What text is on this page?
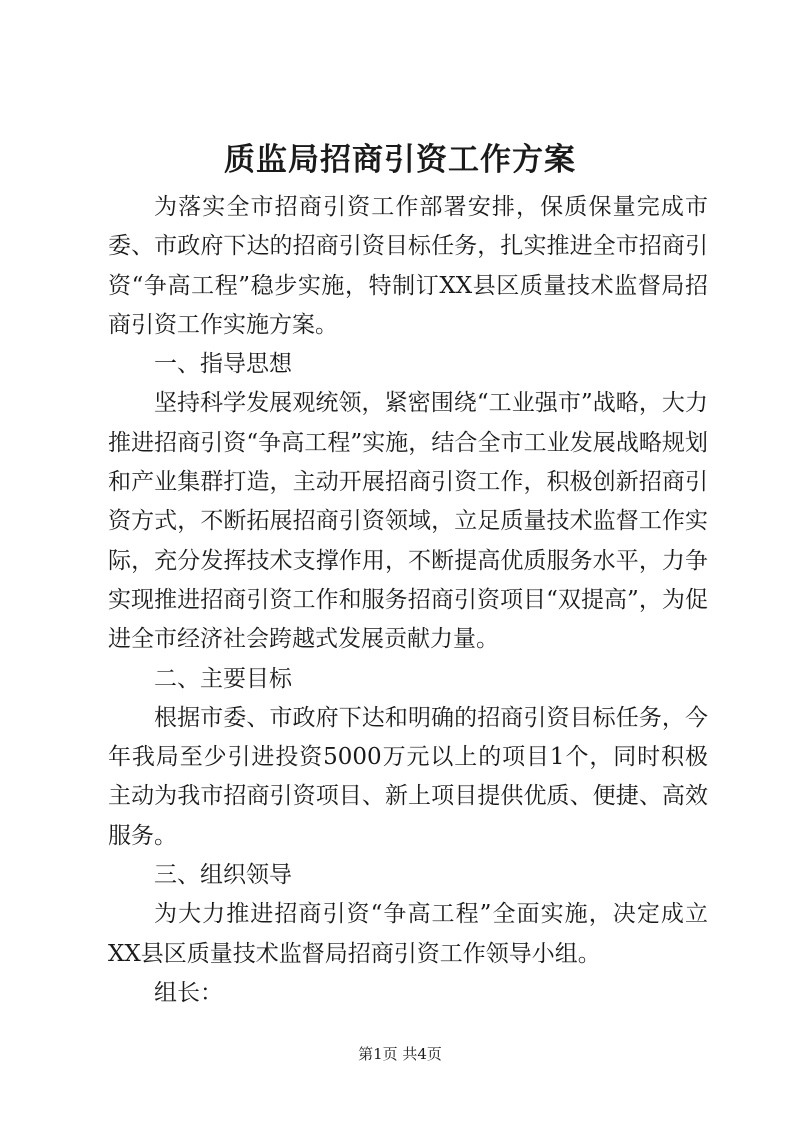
质监局招商引资工作方案

为落实全市招商引资工作部署安排，保质保量完成市委、市政府下达的招商引资目标任务，扎实推进全市招商引资“争高工程”稳步实施，特制订XX县区质量技术监督局招商引资工作实施方案。

一、指导思想

坚持科学发展观统领，紧密围绕“工业强市”战略，大力推进招商引资“争高工程”实施，结合全市工业发展战略规划和产业集群打造，主动开展招商引资工作，积极创新招商引资方式，不断拓展招商引资领域，立足质量技术监督工作实际，充分发挥技术支撑作用，不断提高优质服务水平，力争实现推进招商引资工作和服务招商引资项目“双提高”，为促进全市经济社会跨越式发展贡献力量。

二、主要目标

根据市委、市政府下达和明确的招商引资目标任务，今年我局至少引进投资5000万元以上的项目1个，同时积极主动为我市招商引资项目、新上项目提供优质、便捷、高效服务。

三、组织领导

为大力推进招商引资“争高工程”全面实施，决定成立XX县区质量技术监督局招商引资工作领导小组。

组长：

第1页 共4页
